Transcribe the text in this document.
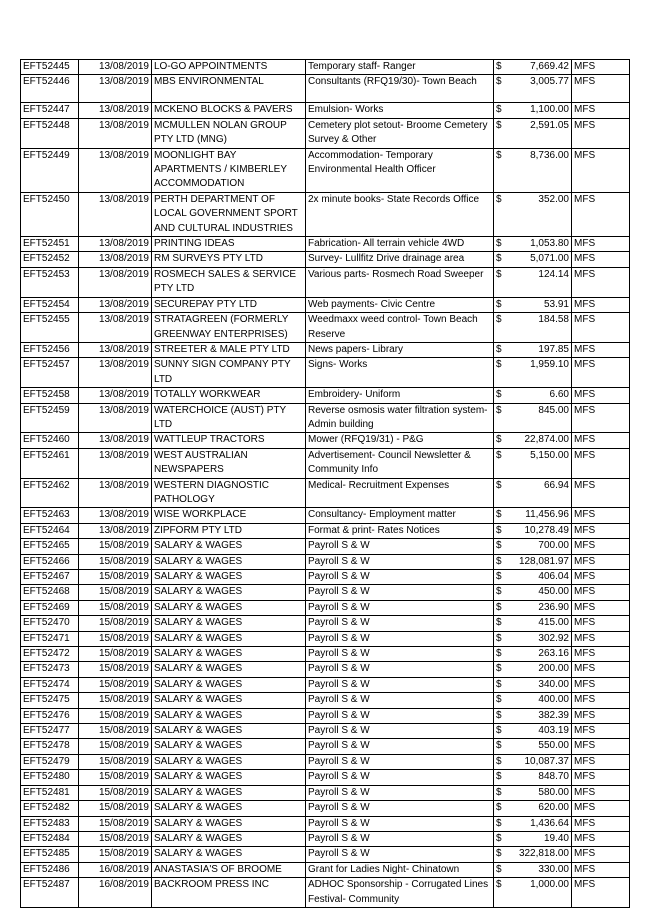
EFT52445	13/08/2019	LO-GO APPOINTMENTS	Temporary staff- Ranger	$ 7,669.42	MFS
EFT52446	13/08/2019	MBS ENVIRONMENTAL	Consultants (RFQ19/30)- Town Beach	$ 3,005.77	MFS
EFT52447	13/08/2019	MCKENO BLOCKS & PAVERS	Emulsion- Works	$ 1,100.00	MFS
EFT52448	13/08/2019	MCMULLEN NOLAN GROUP PTY LTD (MNG)	Cemetery plot setout- Broome Cemetery Survey & Other	$ 2,591.05	MFS
EFT52449	13/08/2019	MOONLIGHT BAY APARTMENTS / KIMBERLEY ACCOMMODATION	Accommodation- Temporary Environmental Health Officer	$ 8,736.00	MFS
EFT52450	13/08/2019	PERTH DEPARTMENT OF LOCAL GOVERNMENT SPORT AND CULTURAL INDUSTRIES	2x minute books- State Records Office	$ 352.00	MFS
EFT52451	13/08/2019	PRINTING IDEAS	Fabrication- All terrain vehicle 4WD	$ 1,053.80	MFS
EFT52452	13/08/2019	RM SURVEYS PTY LTD	Survey- Lullfitz Drive drainage area	$ 5,071.00	MFS
EFT52453	13/08/2019	ROSMECH SALES & SERVICE PTY LTD	Various parts- Rosmech Road Sweeper	$ 124.14	MFS
EFT52454	13/08/2019	SECUREPAY PTY LTD	Web payments- Civic Centre	$ 53.91	MFS
EFT52455	13/08/2019	STRATAGREEN (FORMERLY GREENWAY ENTERPRISES)	Weedmaxx weed control- Town Beach Reserve	$ 184.58	MFS
EFT52456	13/08/2019	STREETER & MALE PTY LTD	News papers- Library	$ 197.85	MFS
EFT52457	13/08/2019	SUNNY SIGN COMPANY PTY LTD	Signs- Works	$ 1,959.10	MFS
EFT52458	13/08/2019	TOTALLY WORKWEAR	Embroidery- Uniform	$ 6.60	MFS
EFT52459	13/08/2019	WATERCHOICE (AUST) PTY LTD	Reverse osmosis water filtration system- Admin building	$ 845.00	MFS
EFT52460	13/08/2019	WATTLEUP TRACTORS	Mower (RFQ19/31) - P&G	$ 22,874.00	MFS
EFT52461	13/08/2019	WEST AUSTRALIAN NEWSPAPERS	Advertisement- Council Newsletter & Community Info	$ 5,150.00	MFS
EFT52462	13/08/2019	WESTERN DIAGNOSTIC PATHOLOGY	Medical- Recruitment Expenses	$ 66.94	MFS
EFT52463	13/08/2019	WISE WORKPLACE	Consultancy- Employment matter	$ 11,456.96	MFS
EFT52464	13/08/2019	ZIPFORM PTY LTD	Format & print- Rates Notices	$ 10,278.49	MFS
EFT52465	15/08/2019	SALARY & WAGES	Payroll S & W	$ 700.00	MFS
EFT52466	15/08/2019	SALARY & WAGES	Payroll S & W	$ 128,081.97	MFS
EFT52467	15/08/2019	SALARY & WAGES	Payroll S & W	$ 406.04	MFS
EFT52468	15/08/2019	SALARY & WAGES	Payroll S & W	$ 450.00	MFS
EFT52469	15/08/2019	SALARY & WAGES	Payroll S & W	$ 236.90	MFS
EFT52470	15/08/2019	SALARY & WAGES	Payroll S & W	$ 415.00	MFS
EFT52471	15/08/2019	SALARY & WAGES	Payroll S & W	$ 302.92	MFS
EFT52472	15/08/2019	SALARY & WAGES	Payroll S & W	$ 263.16	MFS
EFT52473	15/08/2019	SALARY & WAGES	Payroll S & W	$ 200.00	MFS
EFT52474	15/08/2019	SALARY & WAGES	Payroll S & W	$ 340.00	MFS
EFT52475	15/08/2019	SALARY & WAGES	Payroll S & W	$ 400.00	MFS
EFT52476	15/08/2019	SALARY & WAGES	Payroll S & W	$ 382.39	MFS
EFT52477	15/08/2019	SALARY & WAGES	Payroll S & W	$ 403.19	MFS
EFT52478	15/08/2019	SALARY & WAGES	Payroll S & W	$ 550.00	MFS
EFT52479	15/08/2019	SALARY & WAGES	Payroll S & W	$ 10,087.37	MFS
EFT52480	15/08/2019	SALARY & WAGES	Payroll S & W	$ 848.70	MFS
EFT52481	15/08/2019	SALARY & WAGES	Payroll S & W	$ 580.00	MFS
EFT52482	15/08/2019	SALARY & WAGES	Payroll S & W	$ 620.00	MFS
EFT52483	15/08/2019	SALARY & WAGES	Payroll S & W	$ 1,436.64	MFS
EFT52484	15/08/2019	SALARY & WAGES	Payroll S & W	$ 19.40	MFS
EFT52485	15/08/2019	SALARY & WAGES	Payroll S & W	$ 322,818.00	MFS
EFT52486	16/08/2019	ANASTASIA'S OF BROOME	Grant for Ladies Night- Chinatown	$ 330.00	MFS
EFT52487	16/08/2019	BACKROOM PRESS INC	ADHOC Sponsorship - Corrugated Lines Festival- Community	$ 1,000.00	MFS
